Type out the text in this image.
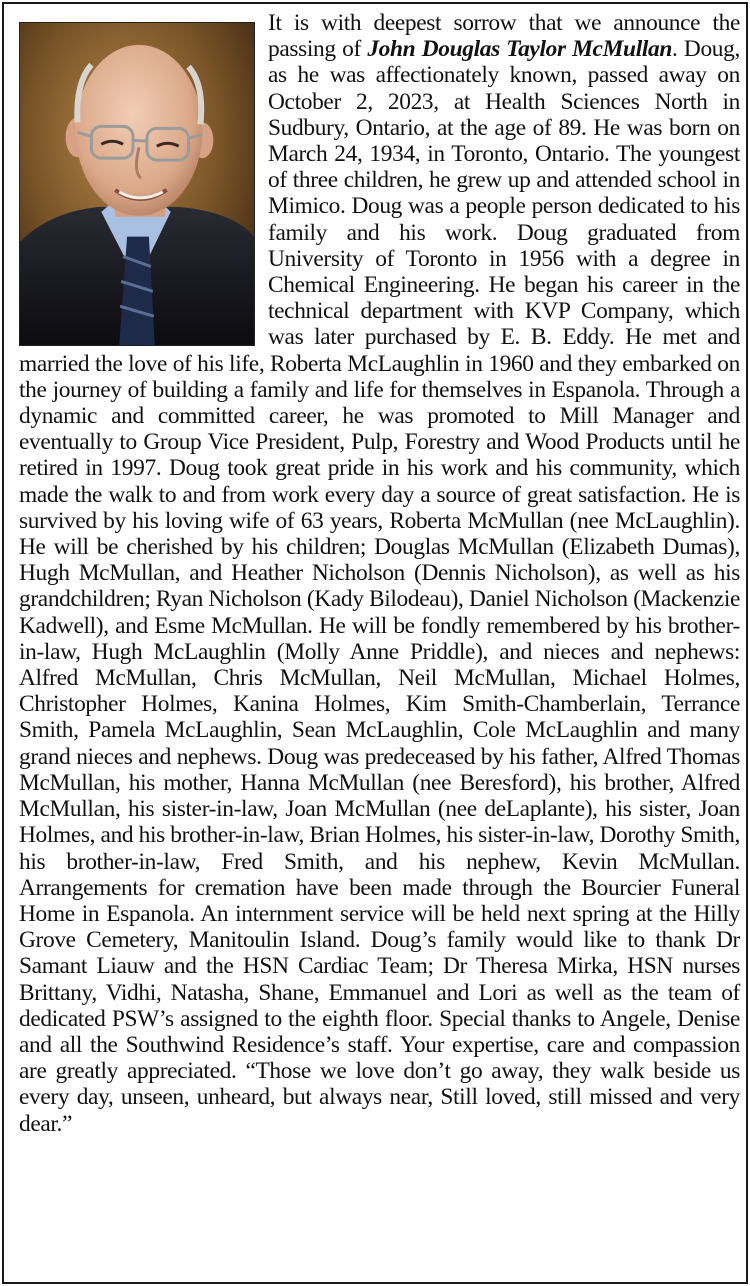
It is with deepest sorrow that we announce the passing of John Douglas Taylor McMullan. Doug, as he was affectionately known, passed away on October 2, 2023, at Health Sciences North in Sudbury, Ontario, at the age of 89. He was born on March 24, 1934, in Toronto, Ontario. The youngest of three children, he grew up and attended school in Mimico. Doug was a people person dedicated to his family and his work. Doug graduated from University of Toronto in 1956 with a degree in Chemical Engineering. He began his career in the technical department with KVP Company, which was later purchased by E. B. Eddy. He met and married the love of his life, Roberta McLaughlin in 1960 and they embarked on the journey of building a family and life for themselves in Espanola. Through a dynamic and committed career, he was promoted to Mill Manager and eventually to Group Vice President, Pulp, Forestry and Wood Products until he retired in 1997. Doug took great pride in his work and his community, which made the walk to and from work every day a source of great satisfaction. He is survived by his loving wife of 63 years, Roberta McMullan (nee McLaughlin). He will be cherished by his children; Douglas McMullan (Elizabeth Dumas), Hugh McMullan, and Heather Nicholson (Dennis Nicholson), as well as his grandchildren; Ryan Nicholson (Kady Bilodeau), Daniel Nicholson (Mackenzie Kadwell), and Esme McMullan. He will be fondly remembered by his brother-in-law, Hugh McLaughlin (Molly Anne Priddle), and nieces and nephews: Alfred McMullan, Chris McMullan, Neil McMullan, Michael Holmes, Christopher Holmes, Kanina Holmes, Kim Smith-Chamberlain, Terrance Smith, Pamela McLaughlin, Sean McLaughlin, Cole McLaughlin and many grand nieces and nephews. Doug was predeceased by his father, Alfred Thomas McMullan, his mother, Hanna McMullan (nee Beresford), his brother, Alfred McMullan, his sister-in-law, Joan McMullan (nee deLaplante), his sister, Joan Holmes, and his brother-in-law, Brian Holmes, his sister-in-law, Dorothy Smith, his brother-in-law, Fred Smith, and his nephew, Kevin McMullan. Arrangements for cremation have been made through the Bourcier Funeral Home in Espanola. An internment service will be held next spring at the Hilly Grove Cemetery, Manitoulin Island. Doug’s family would like to thank Dr Samant Liauw and the HSN Cardiac Team; Dr Theresa Mirka, HSN nurses Brittany, Vidhi, Natasha, Shane, Emmanuel and Lori as well as the team of dedicated PSW’s assigned to the eighth floor. Special thanks to Angele, Denise and all the Southwind Residence’s staff. Your expertise, care and compassion are greatly appreciated. “Those we love don’t go away, they walk beside us every day, unseen, unheard, but always near, Still loved, still missed and very dear.”
